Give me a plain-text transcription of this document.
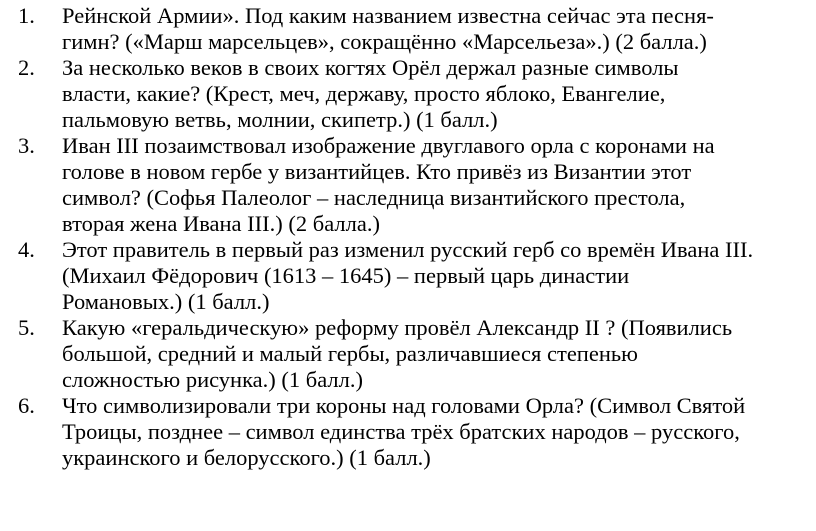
1.	Рейнской Армии». Под каким названием известна сейчас эта песня-
гимн? («Марш марсельцев», сокращённо «Марсельеза».) (2 балла.)
2.	За несколько веков в своих когтях Орёл держал разные символы
власти, какие? (Крест, меч, державу, просто яблоко, Евангелие,
пальмовую ветвь, молнии, скипетр.) (1 балл.)
3.	Иван III позаимствовал изображение двуглавого орла с коронами на
голове в новом гербе у византийцев. Кто привёз из Византии этот
символ? (Софья Палеолог – наследница византийского престола,
вторая жена Ивана III.) (2 балла.)
4.	Этот правитель в первый раз изменил русский герб со времён Ивана III.
(Михаил Фёдорович (1613 – 1645) – первый царь династии
Романовых.) (1 балл.)
5.	Какую «геральдическую» реформу провёл Александр II ? (Появились
большой, средний и малый гербы, различавшиеся степенью
сложностью рисунка.) (1 балл.)
6.	Что символизировали три короны над головами Орла? (Символ Святой
Троицы, позднее – символ единства трёх братских народов – русского,
украинского и белорусского.) (1 балл.)
